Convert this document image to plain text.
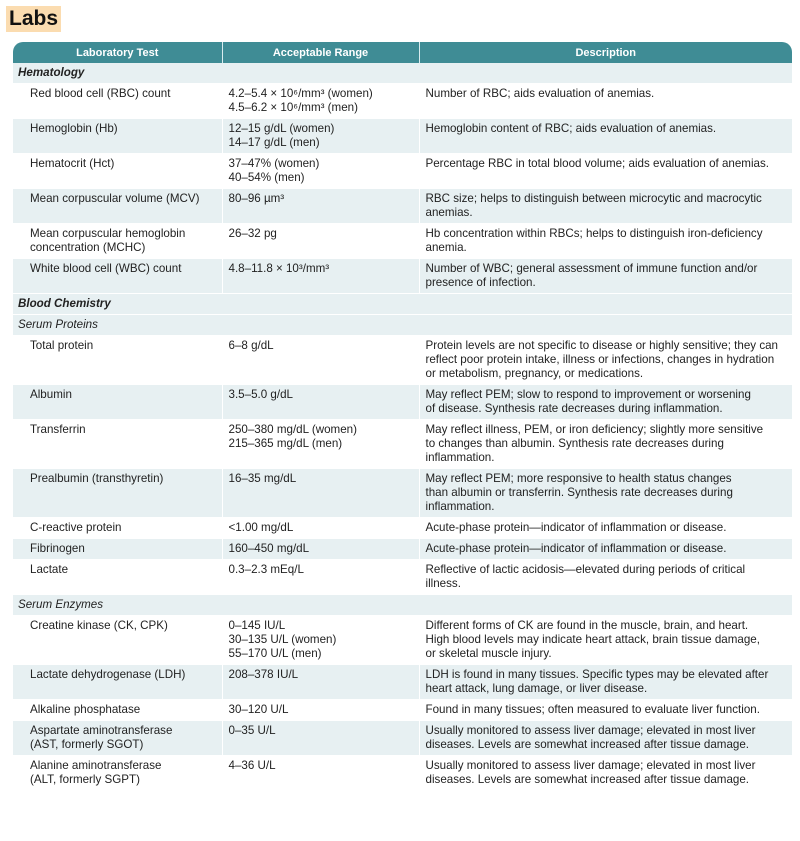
Labs
Laboratory Test	Acceptable Range	Description
Hematology		

Red blood cell (RBC) count	4.2–5.4 × 10⁶/mm³ (women)
4.5–6.2 × 10⁶/mm³ (men)	Number of RBC; aids evaluation of anemias.

Hemoglobin (Hb)	12–15 g/dL (women)
14–17 g/dL (men)	Hemoglobin content of RBC; aids evaluation of anemias.

Hematocrit (Hct)	37–47% (women)
40–54% (men)	Percentage RBC in total blood volume; aids evaluation of anemias.

Mean corpuscular volume (MCV)	80–96 µm³	RBC size; helps to distinguish between microcytic and macrocytic
anemias.

Mean corpuscular hemoglobin
concentration (MCHC)	26–32 pg	Hb concentration within RBCs; helps to distinguish iron-deficiency
anemia.

White blood cell (WBC) count	4.8–11.8 × 10³/mm³	Number of WBC; general assessment of immune function and/or
presence of infection.

Blood Chemistry		
Serum Proteins		

Total protein	6–8 g/dL	Protein levels are not specific to disease or highly sensitive; they can
reflect poor protein intake, illness or infections, changes in hydration
or metabolism, pregnancy, or medications.

Albumin	3.5–5.0 g/dL	May reflect PEM; slow to respond to improvement or worsening
of disease. Synthesis rate decreases during inflammation.

Transferrin	250–380 mg/dL (women)
215–365 mg/dL (men)	May reflect illness, PEM, or iron deficiency; slightly more sensitive
to changes than albumin. Synthesis rate decreases during
inflammation.

Prealbumin (transthyretin)	16–35 mg/dL	May reflect PEM; more responsive to health status changes
than albumin or transferrin. Synthesis rate decreases during
inflammation.

C-reactive protein	<1.00 mg/dL	Acute-phase protein—indicator of inflammation or disease.

Fibrinogen	160–450 mg/dL	Acute-phase protein—indicator of inflammation or disease.

Lactate	0.3–2.3 mEq/L	Reflective of lactic acidosis—elevated during periods of critical
illness.

Serum Enzymes		

Creatine kinase (CK, CPK)	0–145 IU/L
30–135 U/L (women)
55–170 U/L (men)	Different forms of CK are found in the muscle, brain, and heart.
High blood levels may indicate heart attack, brain tissue damage,
or skeletal muscle injury.

Lactate dehydrogenase (LDH)	208–378 IU/L	LDH is found in many tissues. Specific types may be elevated after
heart attack, lung damage, or liver disease.

Alkaline phosphatase	30–120 U/L	Found in many tissues; often measured to evaluate liver function.

Aspartate aminotransferase
(AST, formerly SGOT)	0–35 U/L	Usually monitored to assess liver damage; elevated in most liver
diseases. Levels are somewhat increased after tissue damage.

Alanine aminotransferase
(ALT, formerly SGPT)	4–36 U/L	Usually monitored to assess liver damage; elevated in most liver
diseases. Levels are somewhat increased after tissue damage.
